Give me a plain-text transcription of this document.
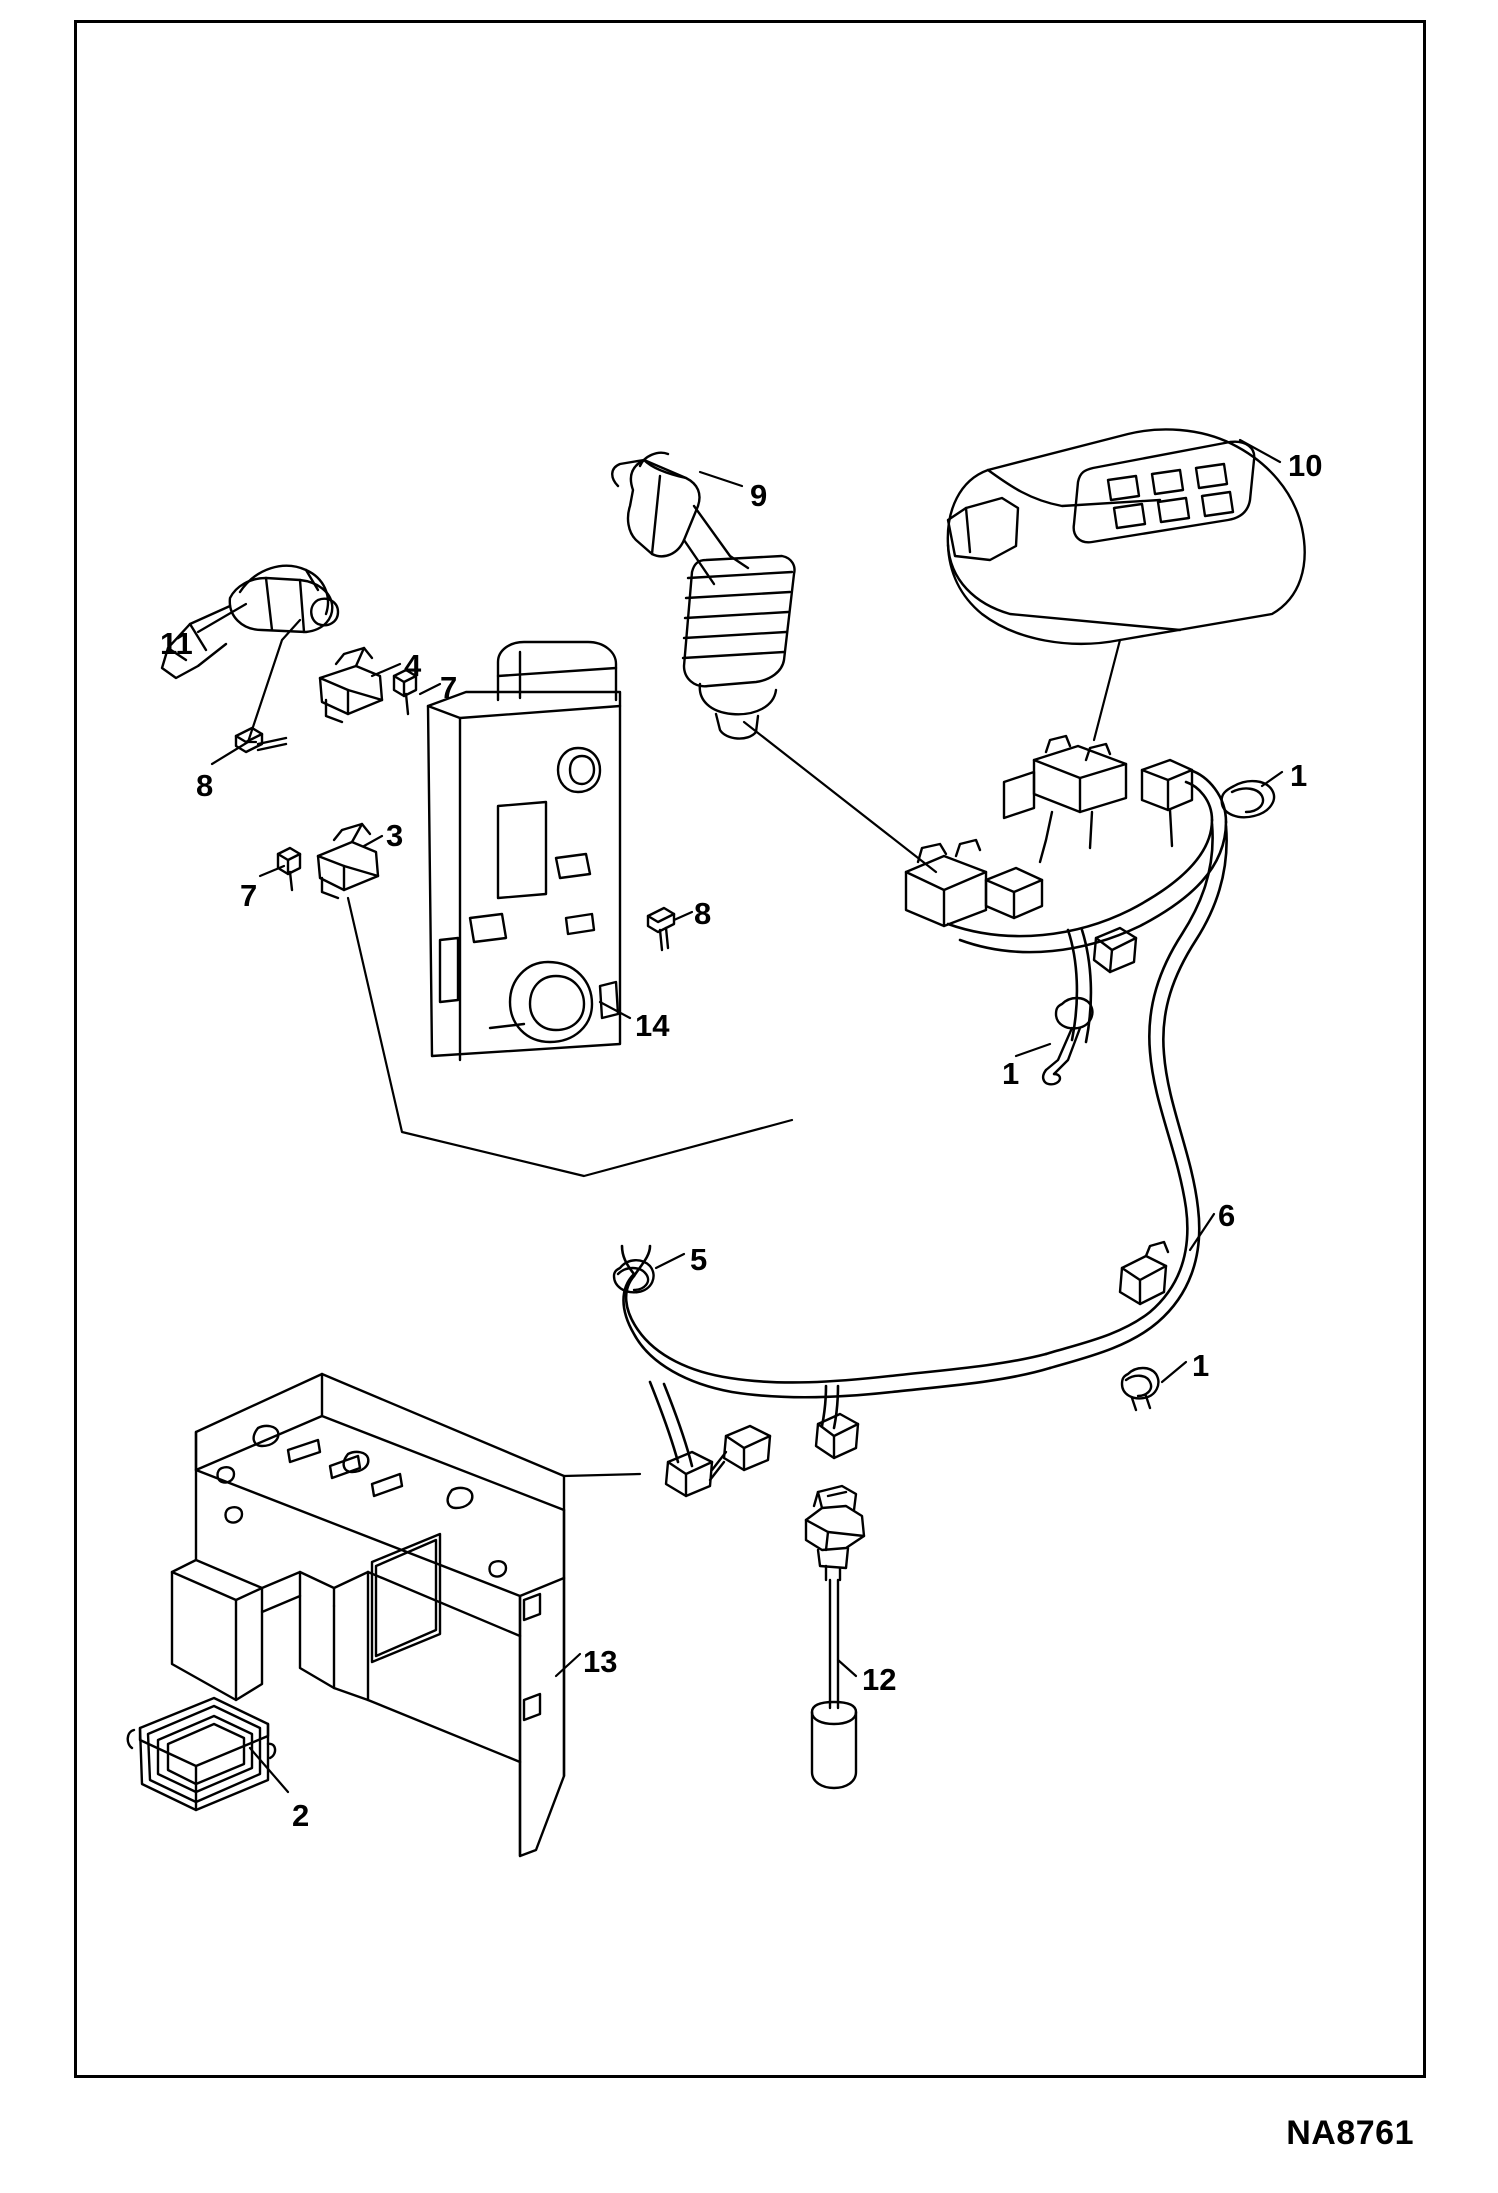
10
9
11
4
7
1
8
3
7
8
14
1
6
5
1
12
13
2
NA8761
